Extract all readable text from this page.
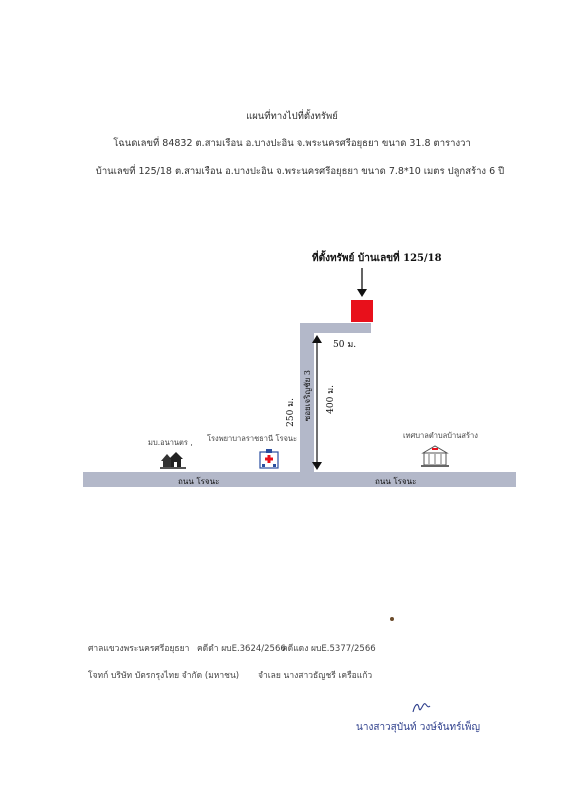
แผนที่ทางไปที่ตั้งทรัพย์
โฉนดเลขที่ 84832 ต.สามเรือน อ.บางปะอิน จ.พระนครศรีอยุธยา ขนาด 31.8 ตารางวา
บ้านเลขที่ 125/18 ต.สามเรือน อ.บางปะอิน จ.พระนครศรีอยุธยา ขนาด 7.8*10 เมตร ปลูกสร้าง 6 ปี
ที่ตั้งทรัพย์ บ้านเลขที่ 125/18
ซอยเจริญชัย 3
ถนน โรจนะ	ถนน โรจนะ
50 ม.
400 ม.
250 ม.
มบ.อนานตร , โรงพยาบาลราชธานี โรจนะ	เทศบาลตำบลบ้านสร้าง
ศาลแขวงพระนครศรีอยุธยา คดีดำ ผบE.3624/2566
คดีแดง ผบE.5377/2566
โจทก์ บริษัท บัตรกรุงไทย จำกัด (มหาชน) จำเลย นางสาวธัญชรี เครือแก้ว
นางสาวสุบันท์ วงษ์จันทร์เพ็ญ
